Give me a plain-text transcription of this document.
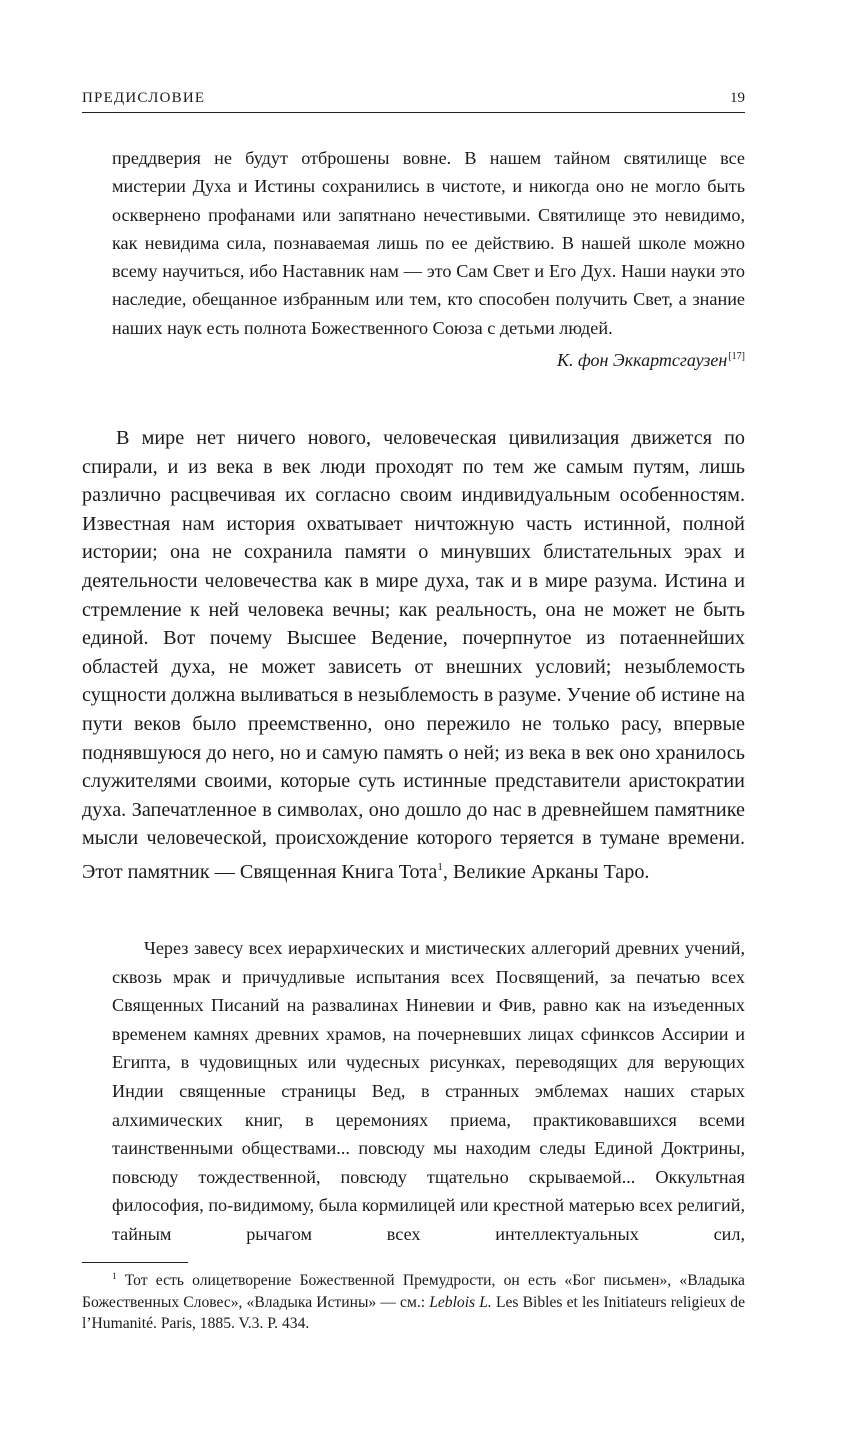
ПРЕДИСЛОВИЕ	19

преддверия не будут отброшены вовне. В нашем тайном святилище все мистерии Духа и Истины сохранились в чистоте, и никогда оно не могло быть осквернено профанами или запятнано нечестивыми. Святилище это невидимо, как невидима сила, познаваемая лишь по ее действию. В нашей школе можно всему научиться, ибо Наставник нам — это Сам Свет и Его Дух. Наши науки это наследие, обещанное избранным или тем, кто способен получить Свет, а знание наших наук есть полнота Божественного Союза с детьми людей.

К. фон Эккартсгаузен[17]

В мире нет ничего нового, человеческая цивилизация движется по спирали, и из века в век люди проходят по тем же самым путям, лишь различно расцвечивая их согласно своим индивидуальным особенностям. Известная нам история охватывает ничтожную часть истинной, полной истории; она не сохранила памяти о минувших блистательных эрах и деятельности человечества как в мире духа, так и в мире разума. Истина и стремление к ней человека вечны; как реальность, она не может не быть единой. Вот почему Высшее Ведение, почерпнутое из потаеннейших областей духа, не может зависеть от внешних условий; незыблемость сущности должна выливаться в незыблемость в разуме. Учение об истине на пути веков было преемственно, оно пережило не только расу, впервые поднявшуюся до него, но и самую память о ней; из века в век оно хранилось служителями своими, которые суть истинные представители аристократии духа. Запечатленное в символах, оно дошло до нас в древнейшем памятнике мысли человеческой, происхождение которого теряется в тумане времени. Этот памятник — Священная Книга Тота$^1$, Великие Арканы Таро.

Через завесу всех иерархических и мистических аллегорий древних учений, сквозь мрак и причудливые испытания всех Посвящений, за печатью всех Священных Писаний на развалинах Ниневии и Фив, равно как на изъеденных временем камнях древних храмов, на почерневших лицах сфинксов Ассирии и Египта, в чудовищных или чудесных рисунках, переводящих для верующих Индии священные страницы Вед, в странных эмблемах наших старых алхимических книг, в церемониях приема, практиковавшихся всеми таинственными обществами... повсюду мы находим следы Единой Доктрины, повсюду тождественной, повсюду тщательно скрываемой... Оккультная философия, по-видимому, была кормилицей или крестной матерью всех религий, тайным рычагом всех интеллектуальных сил,

$^1$ Тот есть олицетворение Божественной Премудрости, он есть «Бог письмен», «Владыка Божественных Словес», «Владыка Истины» — см.: Leblois L. Les Bibles et les Initiateurs religieux de l’Humanité. Paris, 1885. V.3. P. 434.
